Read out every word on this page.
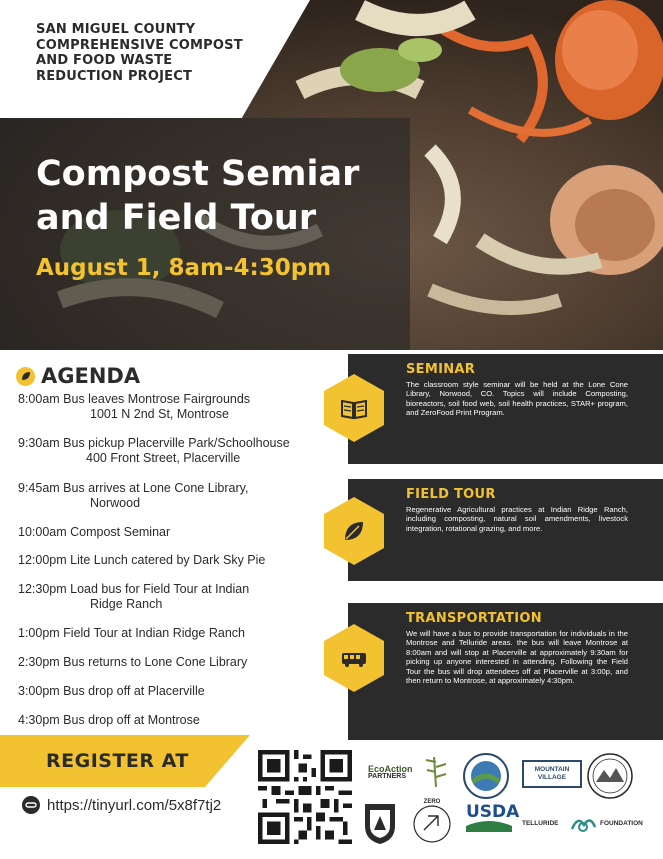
SAN MIGUEL COUNTY COMPREHENSIVE COMPOST AND FOOD WASTE REDUCTION PROJECT
Compost Semiar
and Field Tour
August 1, 8am-4:30pm
AGENDA
8:00am Bus leaves Montrose Fairgrounds
1001 N 2nd St, Montrose
9:30am Bus pickup Placerville Park/Schoolhouse
400 Front Street, Placerville
9:45am Bus arrives at Lone Cone Library,
Norwood
10:00am Compost Seminar
12:00pm Lite Lunch catered by Dark Sky Pie
12:30pm Load bus for Field Tour at Indian
Ridge Ranch
1:00pm Field Tour at Indian Ridge Ranch
2:30pm Bus returns to Lone Cone Library
3:00pm Bus drop off at Placerville
4:30pm Bus drop off at Montrose
SEMINAR

The classroom style seminar will be held at the Lone Cone Library, Norwood, CO. Topics will include Composting, bioreactors, soil food web, soil health practices, STAR+ program, and ZeroFood Print Program.

FIELD TOUR

Regenerative Agricultural practices at Indian Ridge Ranch, including composting, natural soil amendments, livestock integration, rotational grazing, and more.

TRANSPORTATION

We will have a bus to provide transportation for individuals in the Montrose and Telluride areas. the bus will leave Montrose at 8:00am and will stop at Placerville at approximately 9:30am for picking up anyone interested in attending. Following the Field Tour the bus will drop attendees off at Placerville at 3:00p, and then return to Montrose, at approximately 4:30pm.

REGISTER AT
https://tinyurl.com/5x8f7tj2
EcoAction
PARTNERS
MOUNTAIN VILLAGE
ZERO	USDA
TELLURIDE	FOUNDATION
